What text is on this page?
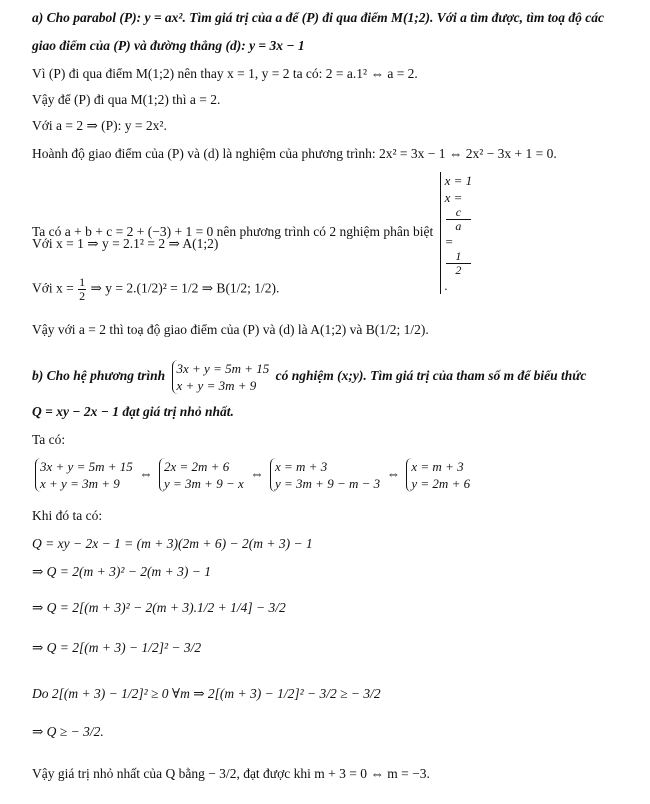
a) Cho parabol (P): y = ax². Tìm giá trị của a để (P) đi qua điểm M(1;2). Với a tìm được, tìm toạ độ các
giao điểm của (P) và đường thẳng (d): y = 3x − 1
Vì (P) đi qua điểm M(1;2) nên thay x = 1, y = 2 ta có: 2 = a.1² ⇔ a = 2.
Vậy để (P) đi qua M(1;2) thì a = 2.
Với a = 2 ⇒ (P): y = 2x².
Hoành độ giao điểm của (P) và (d) là nghiệm của phương trình: 2x² = 3x − 1 ⇔ 2x² − 3x + 1 = 0.
Ta có a + b + c = 2 + (−3) + 1 = 0 nên phương trình có 2 nghiệm phân biệt
x = 1
x =
c
a
=
1
2
.
Với x = 1 ⇒ y = 2.1² = 2 ⇒ A(1;2)
Với $x = \frac{1}{2}$ ⇒ y = 2.(1/2)² = 1/2 ⇒ B(1/2; 1/2).
Vậy với a = 2 thì toạ độ giao điểm của (P) và (d) là A(1;2) và B(1/2; 1/2).
b) Cho hệ phương trình 3x + y = 5m + 15
x + y = 3m + 9
có nghiệm (x;y). Tìm giá trị của tham số m để biểu thức
Q = xy − 2x − 1 đạt giá trị nhỏ nhất.
Ta có:
3x + y = 5m + 15
x + y = 3m + 9
⇔ 2x = 2m + 6
y = 3m + 9 − x
⇔ x = m + 3
y = 3m + 9 − m − 3
⇔ x = m + 3
y = 2m + 6
Khi đó ta có:
Q = xy − 2x − 1 = (m + 3)(2m + 6) − 2(m + 3) − 1
⇒ Q = 2(m + 3)² − 2(m + 3) − 1
⇒ Q = 2[(m + 3)² − 2(m + 3).1/2 + 1/4] − 3/2
⇒ Q = 2[(m + 3) − 1/2]² − 3/2
Do 2[(m + 3) − 1/2]² ≥ 0 ∀m ⇒ 2[(m + 3) − 1/2]² − 3/2 ≥ − 3/2
⇒ Q ≥ − 3/2.
Vậy giá trị nhỏ nhất của Q bằng − 3/2, đạt được khi m + 3 = 0 ⇔ m = −3.
